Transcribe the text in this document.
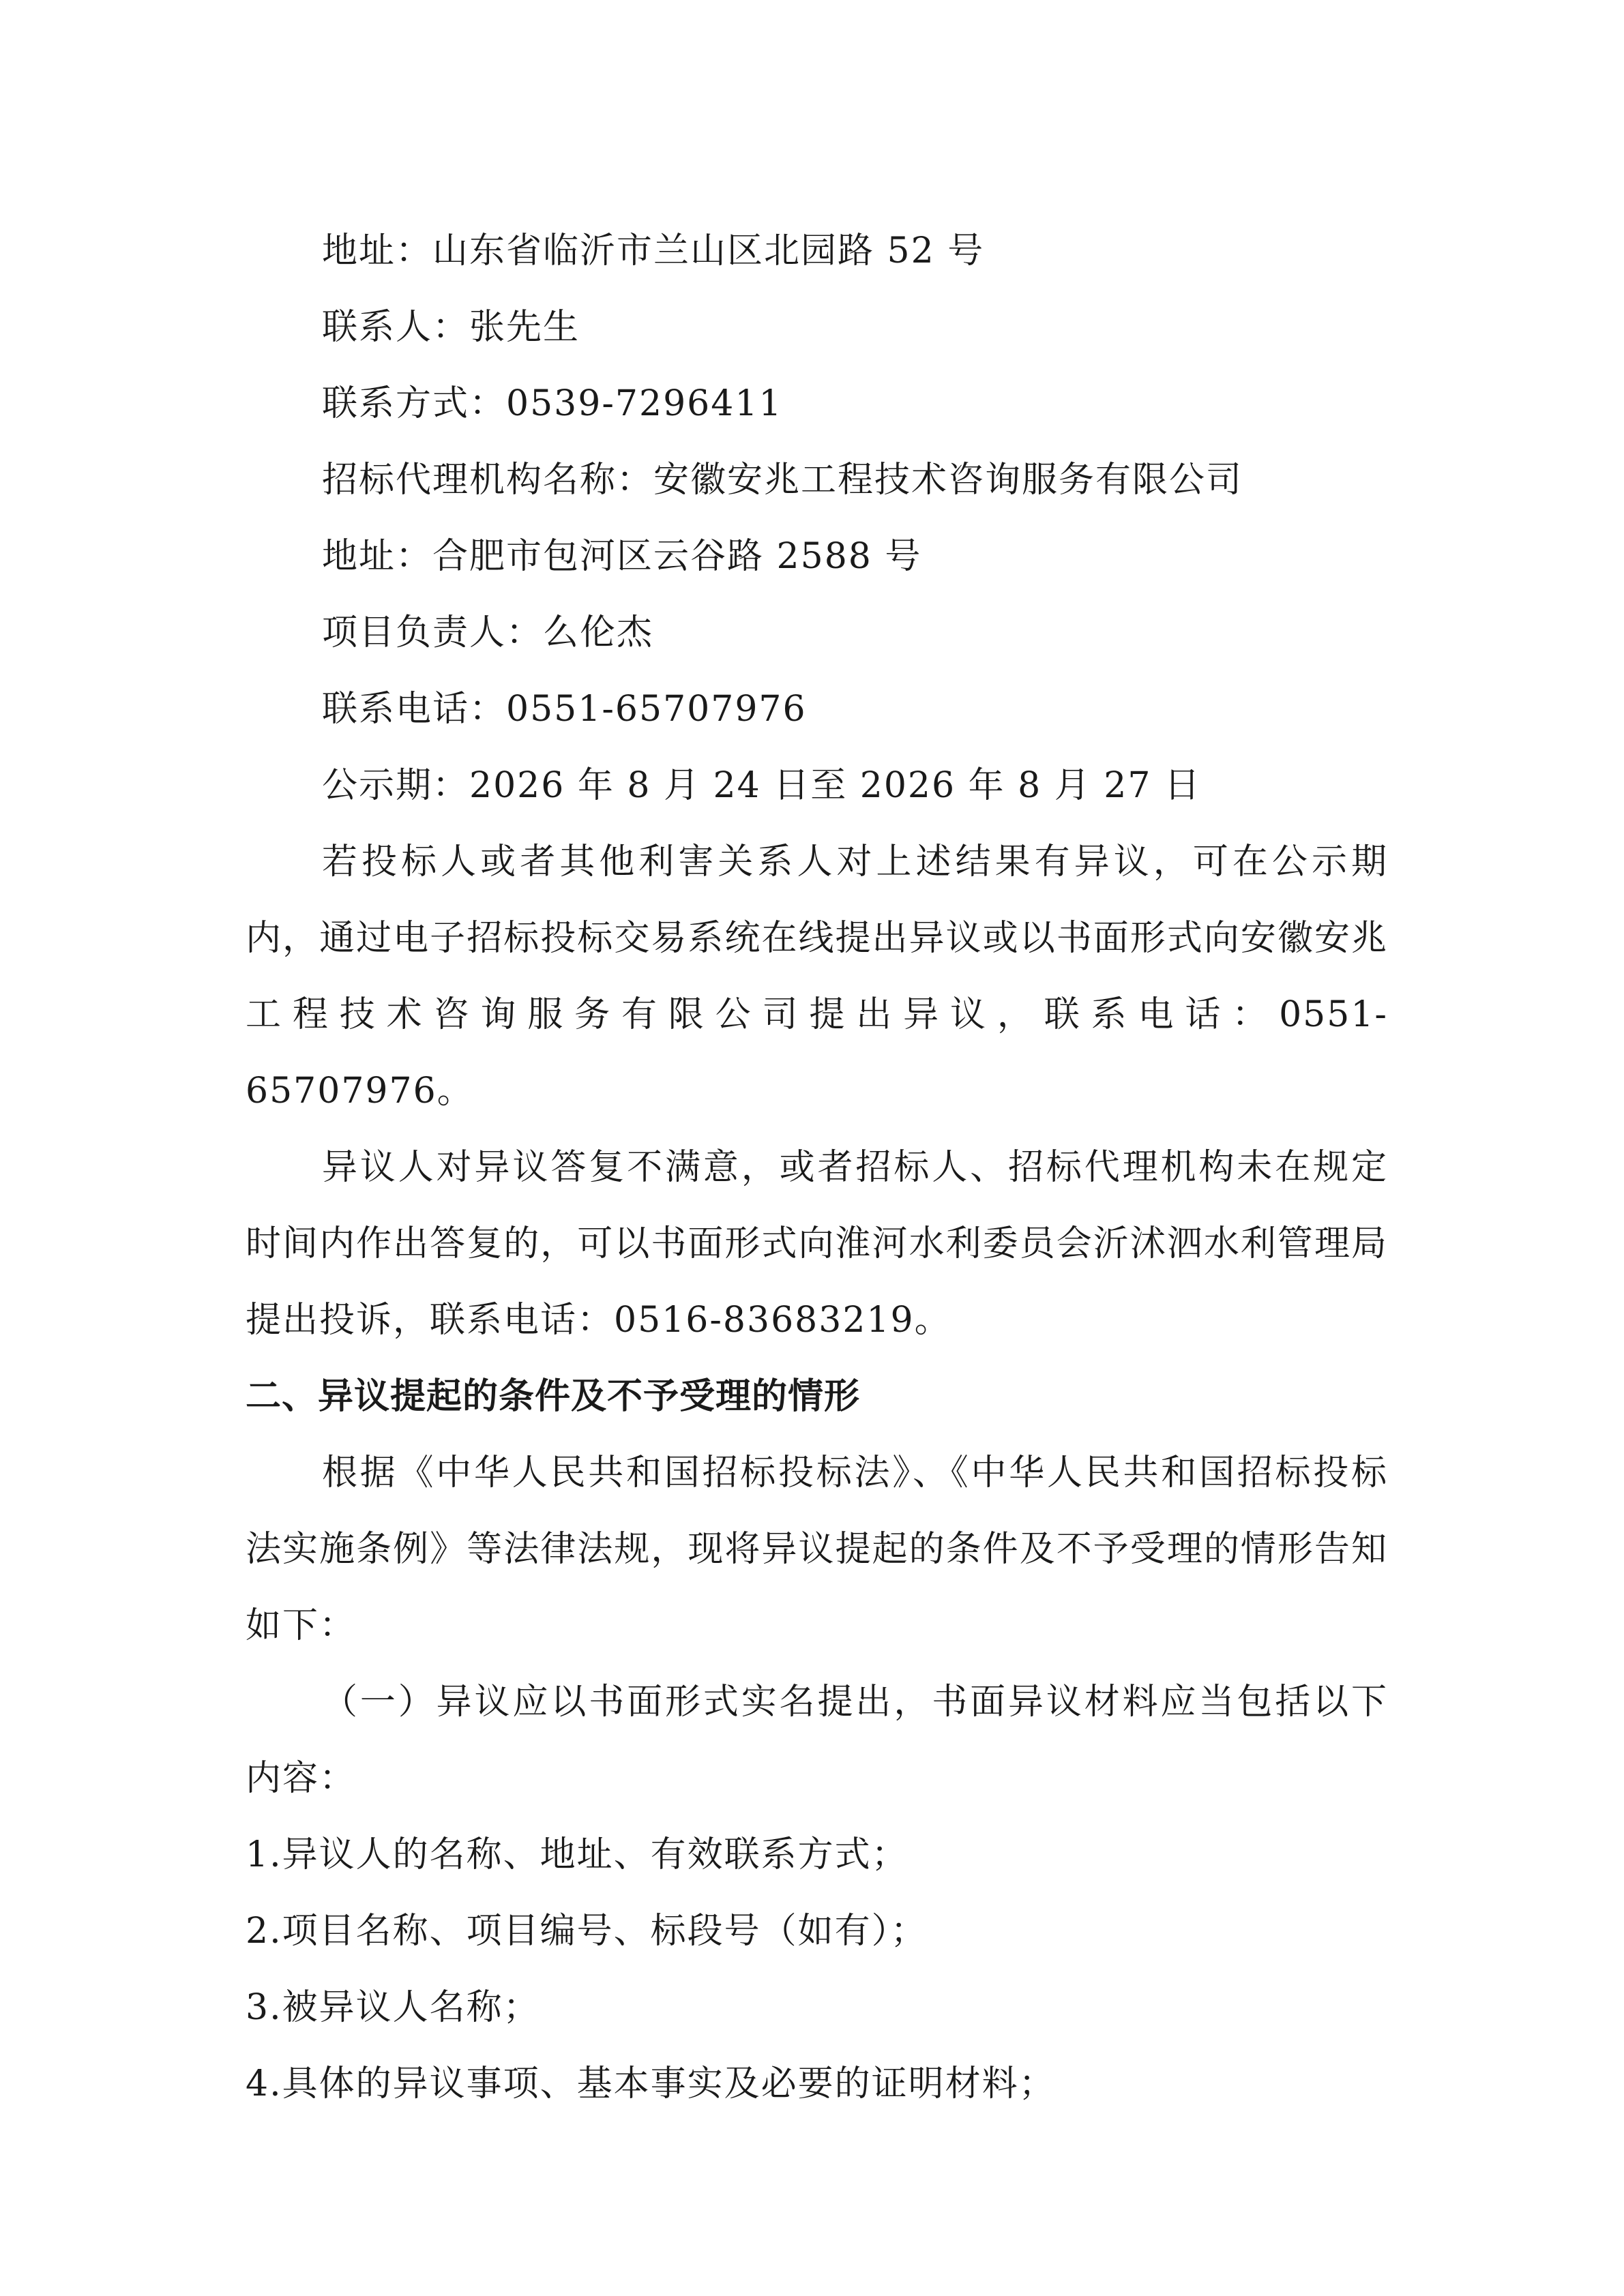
地址：山东省临沂市兰山区北园路 52 号

联系人：张先生

联系方式：0539-7296411

招标代理机构名称：安徽安兆工程技术咨询服务有限公司

地址：合肥市包河区云谷路 2588 号

项目负责人：么伦杰

联系电话：0551-65707976

公示期：2026 年 8 月 24 日至 2026 年 8 月 27 日

若投标人或者其他利害关系人对上述结果有异议，可在公示期内，通过电子招标投标交易系统在线提出异议或以书面形式向安徽安兆工程技术咨询服务有限公司提出异议，联系电话：0551-65707976。

异议人对异议答复不满意，或者招标人、招标代理机构未在规定时间内作出答复的，可以书面形式向淮河水利委员会沂沭泗水利管理局提出投诉，联系电话：0516-83683219。

二、异议提起的条件及不予受理的情形

根据《中华人民共和国招标投标法》、《中华人民共和国招标投标法实施条例》等法律法规，现将异议提起的条件及不予受理的情形告知如下：

（一）异议应以书面形式实名提出，书面异议材料应当包括以下内容：

1.异议人的名称、地址、有效联系方式；

2.项目名称、项目编号、标段号（如有）；

3.被异议人名称；

4.具体的异议事项、基本事实及必要的证明材料；
